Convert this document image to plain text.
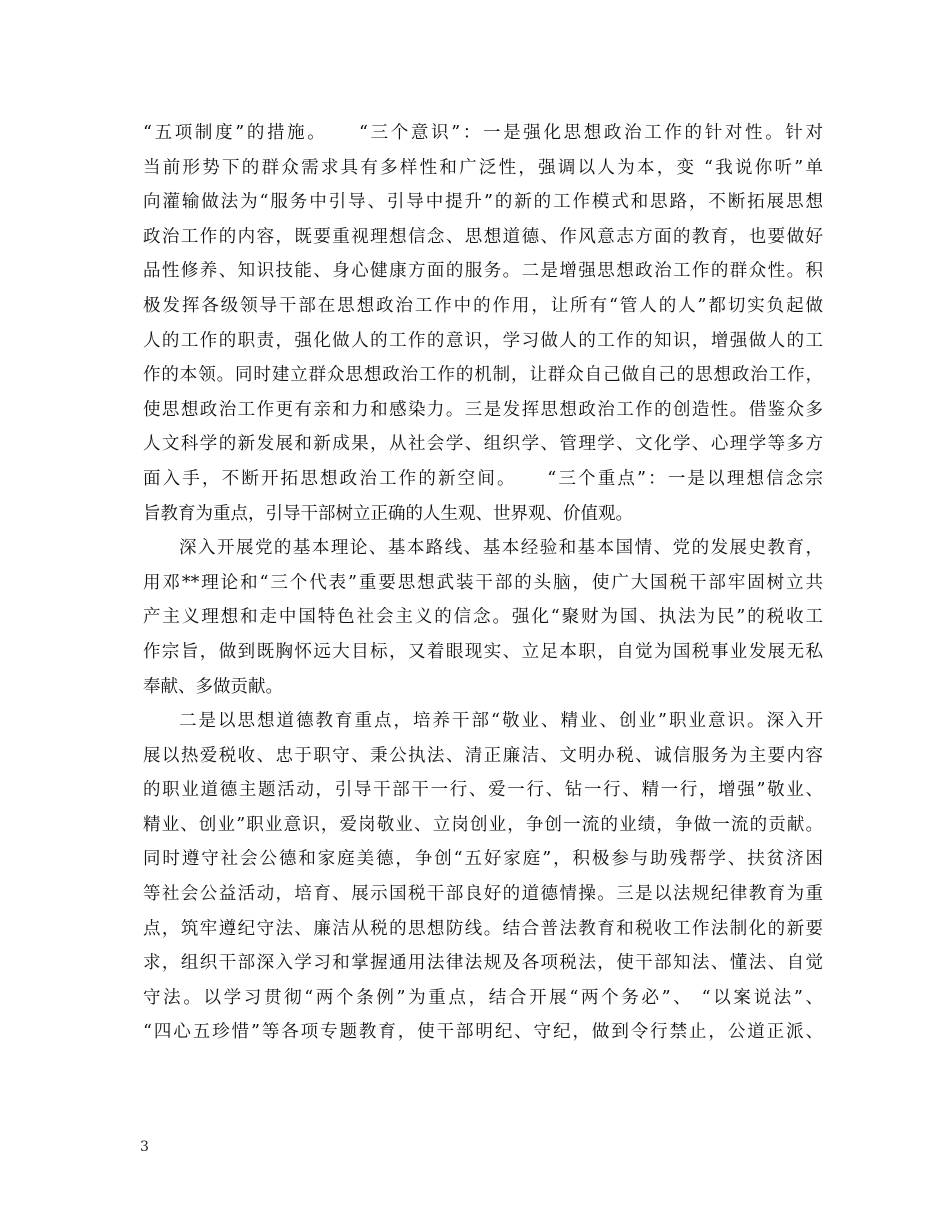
“五项制度”的措施。　　“三个意识”：一是强化思想政治工作的针对性。针对
当前形势下的群众需求具有多样性和广泛性，强调以人为本，变 “我说你听”单
向灌输做法为“服务中引导、引导中提升”的新的工作模式和思路，不断拓展思想
政治工作的内容，既要重视理想信念、思想道德、作风意志方面的教育，也要做好
品性修养、知识技能、身心健康方面的服务。二是增强思想政治工作的群众性。积
极发挥各级领导干部在思想政治工作中的作用，让所有“管人的人”都切实负起做
人的工作的职责，强化做人的工作的意识，学习做人的工作的知识，增强做人的工
作的本领。同时建立群众思想政治工作的机制，让群众自己做自己的思想政治工作，
使思想政治工作更有亲和力和感染力。三是发挥思想政治工作的创造性。借鉴众多
人文科学的新发展和新成果，从社会学、组织学、管理学、文化学、心理学等多方
面入手，不断开拓思想政治工作的新空间。　　“三个重点”：一是以理想信念宗
旨教育为重点，引导干部树立正确的人生观、世界观、价值观。
深入开展党的基本理论、基本路线、基本经验和基本国情、党的发展史教育，
用邓**理论和“三个代表”重要思想武装干部的头脑，使广大国税干部牢固树立共
产主义理想和走中国特色社会主义的信念。强化“聚财为国、执法为民”的税收工
作宗旨，做到既胸怀远大目标，又着眼现实、立足本职，自觉为国税事业发展无私
奉献、多做贡献。
二是以思想道德教育重点，培养干部“敬业、精业、创业”职业意识。深入开
展以热爱税收、忠于职守、秉公执法、清正廉洁、文明办税、诚信服务为主要内容
的职业道德主题活动，引导干部干一行、爱一行、钻一行、精一行，增强”敬业、
精业、创业”职业意识，爱岗敬业、立岗创业，争创一流的业绩，争做一流的贡献。
同时遵守社会公德和家庭美德，争创“五好家庭”，积极参与助残帮学、扶贫济困
等社会公益活动，培育、展示国税干部良好的道德情操。三是以法规纪律教育为重
点，筑牢遵纪守法、廉洁从税的思想防线。结合普法教育和税收工作法制化的新要
求，组织干部深入学习和掌握通用法律法规及各项税法，使干部知法、懂法、自觉
守法。以学习贯彻“两个条例”为重点，结合开展“两个务必”、 “以案说法”、
“四心五珍惜”等各项专题教育，使干部明纪、守纪，做到令行禁止，公道正派、
3
